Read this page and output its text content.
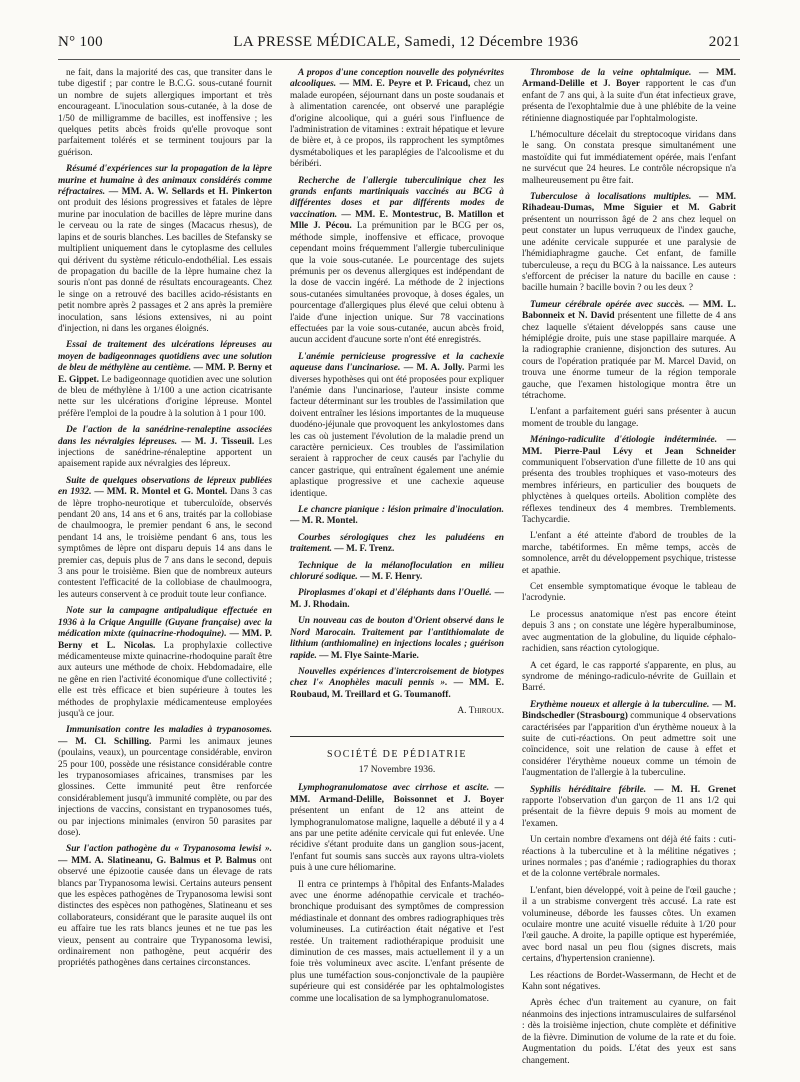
N° 100	LA PRESSE MÉDICALE, Samedi, 12 Décembre 1936	2021

ne fait, dans la majorité des cas, que transiter dans le tube digestif ; par contre le B.C.G. sous-cutané fournit un nombre de sujets allergiques important et très encourageant. L'inoculation sous-cutanée, à la dose de 1/50 de milligramme de bacilles, est inoffensive ; les quelques petits abcès froids qu'elle provoque sont parfaitement tolérés et se terminent toujours par la guérison.

Résumé d'expériences sur la propagation de la lèpre murine et humaine à des animaux considérés comme réfractaires. — MM. A. W. Sellards et H. Pinkerton ont produit des lésions progressives et fatales de lèpre murine par inoculation de bacilles de lèpre murine dans le cerveau ou la rate de singes (Macacus rhesus), de lapins et de souris blanches. Les bacilles de Stefansky se multiplient uniquement dans le cytoplasme des cellules qui dérivent du système réticulo-endothélial. Les essais de propagation du bacille de la lèpre humaine chez la souris n'ont pas donné de résultats encourageants. Chez le singe on a retrouvé des bacilles acido-résistants en petit nombre après 2 passages et 2 ans après la première inoculation, sans lésions extensives, ni au point d'injection, ni dans les organes éloignés.

Essai de traitement des ulcérations lépreuses au moyen de badigeonnages quotidiens avec une solution de bleu de méthylène au centième. — MM. P. Berny et E. Gippet. Le badigeonnage quotidien avec une solution de bleu de méthylène à 1/100 a une action cicatrisante nette sur les ulcérations d'origine lépreuse. Montel préfère l'emploi de la poudre à la solution à 1 pour 100.

De l'action de la sanédrine-renaleptine associées dans les névralgies lépreuses. — M. J. Tisseuil. Les injections de sanédrine-rénaleptine apportent un apaisement rapide aux névralgies des lépreux.

Suite de quelques observations de lépreux publiées en 1932. — MM. R. Montel et G. Montel. Dans 3 cas de lèpre tropho-neurotique et tuberculoïde, observés pendant 20 ans, 14 ans et 6 ans, traités par la collobiase de chaulmoogra, le premier pendant 6 ans, le second pendant 14 ans, le troisième pendant 6 ans, tous les symptômes de lèpre ont disparu depuis 14 ans dans le premier cas, depuis plus de 7 ans dans le second, depuis 3 ans pour le troisième. Bien que de nombreux auteurs contestent l'efficacité de la collobiase de chaulmoogra, les auteurs conservent à ce produit toute leur confiance.

Note sur la campagne antipaludique effectuée en 1936 à la Crique Anguille (Guyane française) avec la médication mixte (quinacrine-rhodoquine). — MM. P. Berny et L. Nicolas. La prophylaxie collective médicamenteuse mixte quinacrine-rhodoquine paraît être aux auteurs une méthode de choix. Hebdomadaire, elle ne gêne en rien l'activité économique d'une collectivité ; elle est très efficace et bien supérieure à toutes les méthodes de prophylaxie médicamenteuse employées jusqu'à ce jour.

Immunisation contre les maladies à trypanosomes. — M. Cl. Schilling. Parmi les animaux jeunes (poulains, veaux), un pourcentage considérable, environ 25 pour 100, possède une résistance considérable contre les trypanosomiases africaines, transmises par les glossines. Cette immunité peut être renforcée considérablement jusqu'à immunité complète, ou par des injections de vaccins, consistant en trypanosomes tués, ou par injections minimales (environ 50 parasites par dose).

Sur l'action pathogène du « Trypanosoma lewisi ». — MM. A. Slatineanu, G. Balmus et P. Balmus ont observé une épizootie causée dans un élevage de rats blancs par Trypanosoma lewisi. Certains auteurs pensent que les espèces pathogènes de Trypanosoma lewisi sont distinctes des espèces non pathogènes, Slatineanu et ses collaborateurs, considérant que le parasite auquel ils ont eu affaire tue les rats blancs jeunes et ne tue pas les vieux, pensent au contraire que Trypanosoma lewisi, ordinairement non pathogène, peut acquérir des propriétés pathogènes dans certaines circonstances.

A propos d'une conception nouvelle des polynévrites alcooliques. — MM. E. Peyre et P. Fricaud, chez un malade européen, séjournant dans un poste soudanais et à alimentation carencée, ont observé une paraplégie d'origine alcoolique, qui a guéri sous l'influence de l'administration de vitamines : extrait hépatique et levure de bière et, à ce propos, ils rapprochent les symptômes dysmétaboliques et les paraplégies de l'alcoolisme et du béribéri.

Recherche de l'allergie tuberculinique chez les grands enfants martiniquais vaccinés au BCG à différentes doses et par différents modes de vaccination. — MM. E. Montestruc, B. Matillon et Mlle J. Pécou. La prémunition par le BCG per os, méthode simple, inoffensive et efficace, provoque cependant moins fréquemment l'allergie tuberculinique que la voie sous-cutanée. Le pourcentage des sujets prémunis per os devenus allergiques est indépendant de la dose de vaccin ingéré. La méthode de 2 injections sous-cutanées simultanées provoque, à doses égales, un pourcentage d'allergiques plus élevé que celui obtenu à l'aide d'une injection unique. Sur 78 vaccinations effectuées par la voie sous-cutanée, aucun abcès froid, aucun accident d'aucune sorte n'ont été enregistrés.

L'anémie pernicieuse progressive et la cachexie aqueuse dans l'uncinariose. — M. A. Jolly. Parmi les diverses hypothèses qui ont été proposées pour expliquer l'anémie dans l'uncinariose, l'auteur insiste comme facteur déterminant sur les troubles de l'assimilation que doivent entraîner les lésions importantes de la muqueuse duodéno-jéjunale que provoquent les ankylostomes dans les cas où justement l'évolution de la maladie prend un caractère pernicieux. Ces troubles de l'assimilation seraient à rapprocher de ceux causés par l'achylie du cancer gastrique, qui entraînent également une anémie aplastique progressive et une cachexie aqueuse identique.

Le chancre pianique : lésion primaire d'inoculation. — M. R. Montel.

Courbes sérologiques chez les paludéens en traitement. — M. F. Trenz.

Technique de la mélanofloculation en milieu chloruré sodique. — M. F. Henry.

Piroplasmes d'okapi et d'éléphants dans l'Ouellé. — M. J. Rhodain.

Un nouveau cas de bouton d'Orient observé dans le Nord Marocain. Traitement par l'antithiomalate de lithium (anthiomaline) en injections locales ; guérison rapide. — M. Flye Sainte-Marie.

Nouvelles expériences d'intercroisement de biotypes chez l'« Anophèles maculi pennis ». — MM. E. Roubaud, M. Treillard et G. Toumanoff.

A. Thiroux.
SOCIÉTÉ DE PÉDIATRIE
17 Novembre 1936.

Lymphogranulomatose avec cirrhose et ascite. — MM. Armand-Delille, Boissonnet et J. Boyer présentent un enfant de 12 ans atteint de lymphogranulomatose maligne, laquelle a débuté il y a 4 ans par une petite adénite cervicale qui fut enlevée. Une récidive s'étant produite dans un ganglion sous-jacent, l'enfant fut soumis sans succès aux rayons ultra-violets puis à une cure héliomarine.

Il entra ce printemps à l'hôpital des Enfants-Malades avec une énorme adénopathie cervicale et trachéo-bronchique produisant des symptômes de compression médiastinale et donnant des ombres radiographiques très volumineuses. La cutiréaction était négative et l'est restée. Un traitement radiothérapique produisit une diminution de ces masses, mais actuellement il y a un foie très volumineux avec ascite. L'enfant présente de plus une tuméfaction sous-conjonctivale de la paupière supérieure qui est considérée par les ophtalmologistes comme une localisation de sa lymphogranulomatose.

Thrombose de la veine ophtalmique. — MM. Armand-Delille et J. Boyer rapportent le cas d'un enfant de 7 ans qui, à la suite d'un état infectieux grave, présenta de l'exophtalmie due à une phlébite de la veine rétinienne diagnostiquée par l'ophtalmologiste.

L'hémoculture décelait du streptocoque viridans dans le sang. On constata presque simultanément une mastoïdite qui fut immédiatement opérée, mais l'enfant ne survécut que 24 heures. Le contrôle nécropsique n'a malheureusement pu être fait.

Tuberculose à localisations multiples. — MM. Rihadeau-Dumas, Mme Siguier et M. Gabrit présentent un nourrisson âgé de 2 ans chez lequel on peut constater un lupus verruqueux de l'index gauche, une adénite cervicale suppurée et une paralysie de l'hémidiaphragme gauche. Cet enfant, de famille tuberculeuse, a reçu du BCG à la naissance. Les auteurs s'efforcent de préciser la nature du bacille en cause : bacille humain ? bacille bovin ? ou les deux ?

Tumeur cérébrale opérée avec succès. — MM. L. Babonneix et N. David présentent une fillette de 4 ans chez laquelle s'étaient développés sans cause une hémiplégie droite, puis une stase papillaire marquée. A la radiographie cranienne, disjonction des sutures. Au cours de l'opération pratiquée par M. Marcel David, on trouva une énorme tumeur de la région temporale gauche, que l'examen histologique montra être un tétrachome.

L'enfant a parfaitement guéri sans présenter à aucun moment de trouble du langage.

Méningo-radiculite d'étiologie indéterminée. — MM. Pierre-Paul Lévy et Jean Schneider communiquent l'observation d'une fillette de 10 ans qui présenta des troubles trophiques et vaso-moteurs des membres inférieurs, en particulier des bouquets de phlyctènes à quelques orteils. Abolition complète des réflexes tendineux des 4 membres. Tremblements. Tachycardie.

L'enfant a été atteinte d'abord de troubles de la marche, tabétiformes. En même temps, accès de somnolence, arrêt du développement psychique, tristesse et apathie.

Cet ensemble symptomatique évoque le tableau de l'acrodynie.

Le processus anatomique n'est pas encore éteint depuis 3 ans ; on constate une légère hyperalbuminose, avec augmentation de la globuline, du liquide céphalo-rachidien, sans réaction cytologique.

A cet égard, le cas rapporté s'apparente, en plus, au syndrome de méningo-radiculo-névrite de Guillain et Barré.

Erythème noueux et allergie à la tuberculine. — M. Bindschedler (Strasbourg) communique 4 observations caractérisées par l'apparition d'un érythème noueux à la suite de cuti-réactions. On peut admettre soit une coïncidence, soit une relation de cause à effet et considérer l'érythème noueux comme un témoin de l'augmentation de l'allergie à la tuberculine.

Syphilis héréditaire fébrile. — M. H. Grenet rapporte l'observation d'un garçon de 11 ans 1/2 qui présentait de la fièvre depuis 9 mois au moment de l'examen.

Un certain nombre d'examens ont déjà été faits : cuti-réactions à la tuberculine et à la mélitine négatives ; urines normales ; pas d'anémie ; radiographies du thorax et de la colonne vertébrale normales.

L'enfant, bien développé, voit à peine de l'œil gauche ; il a un strabisme convergent très accusé. La rate est volumineuse, déborde les fausses côtes. Un examen oculaire montre une acuité visuelle réduite à 1/20 pour l'œil gauche. A droite, la papille optique est hyperémiée, avec bord nasal un peu flou (signes discrets, mais certains, d'hypertension cranienne).

Les réactions de Bordet-Wassermann, de Hecht et de Kahn sont négatives.

Après échec d'un traitement au cyanure, on fait néanmoins des injections intramusculaires de sulfarsénol : dès la troisième injection, chute complète et définitive de la fièvre. Diminution de volume de la rate et du foie. Augmentation du poids. L'état des yeux est sans changement.
